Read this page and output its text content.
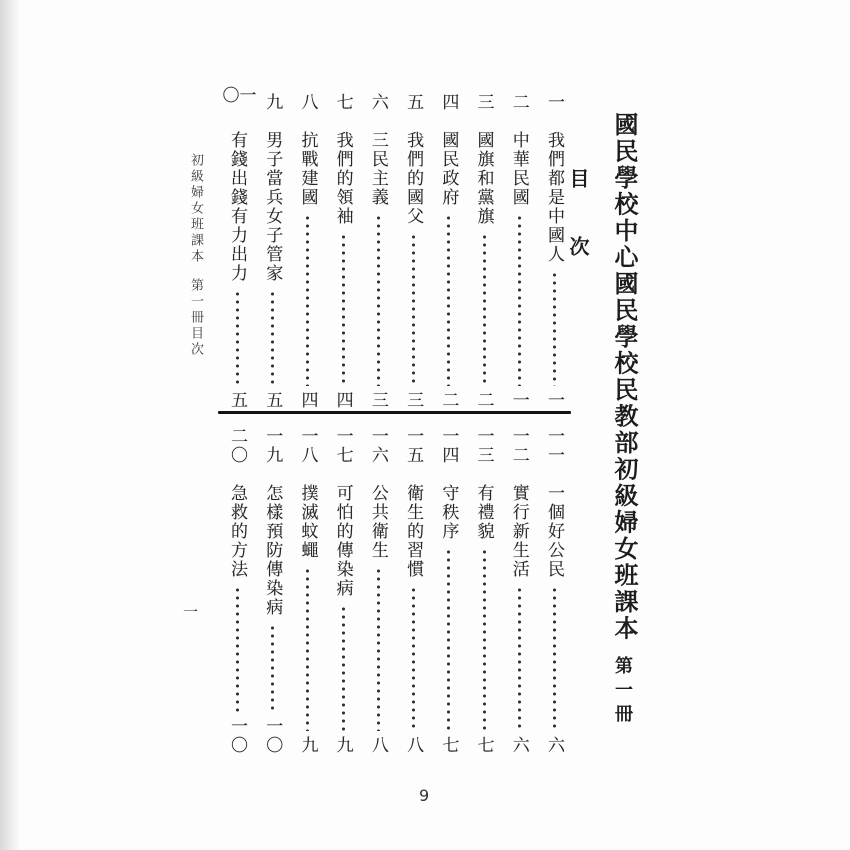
國民學校中心國民學校民教部初級婦女班課本第一冊
目次
一
我們都是中國人
一
二
中華民國
一
三
國旗和黨旗
二
四
國民政府
二
五
我們的國父
三
六
三民主義
三
七
我們的領袖
四
八
抗戰建國
四
九
男子當兵女子管家
五
一〇
有錢出錢有力出力
五
一一
一個好公民
六
一二
實行新生活
六
一三
有禮貌
七
一四
守秩序
七
一五
衛生的習慣
八
一六
公共衛生
八
一七
可怕的傳染病
九
一八
撲滅蚊蠅
九
一九
怎樣預防傳染病
一〇
二〇
急救的方法
一〇
初級婦女班課本第一冊目次
一
9
